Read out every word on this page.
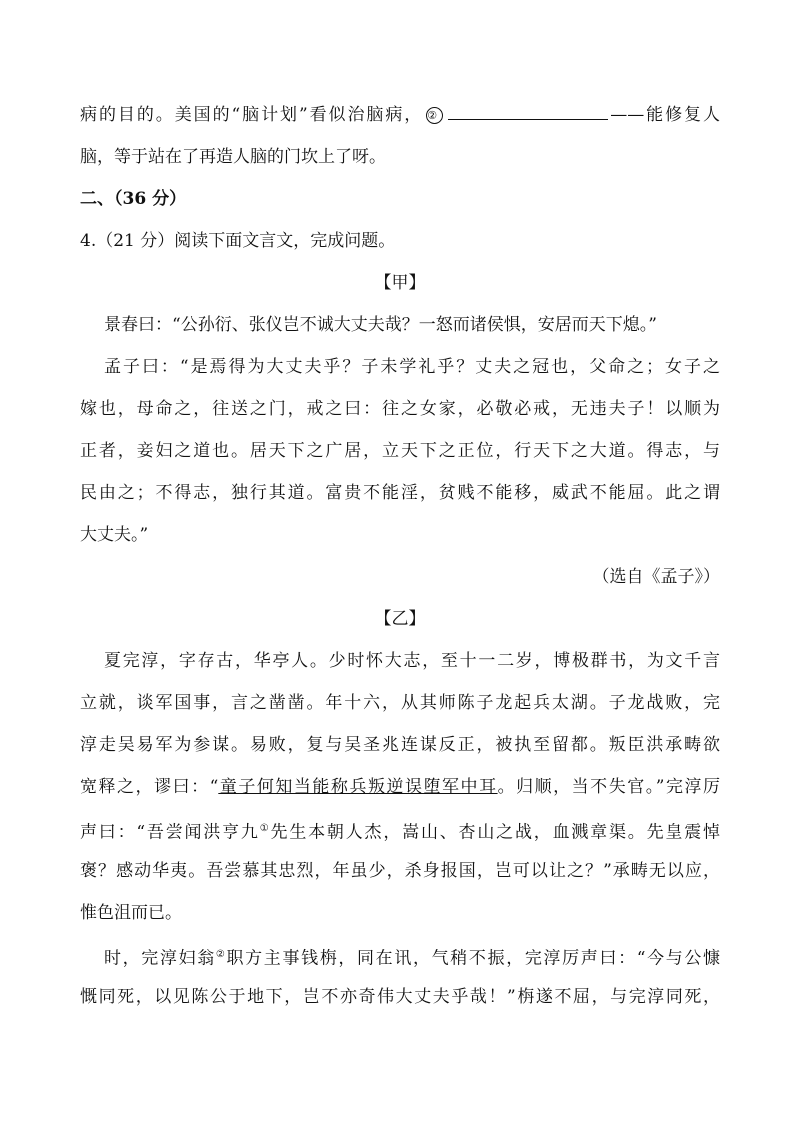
病的目的。美国的“脑计划”看似治脑病， ②	——能修复人
脑，等于站在了再造人脑的门坎上了呀。
二、（36 分）
4.（21 分）阅读下面文言文，完成问题。
【甲】
景春曰：“公孙衍、张仪岂不诚大丈夫哉？一怒而诸侯惧，安居而天下熄。”
孟子曰：“是焉得为大丈夫乎？子未学礼乎？丈夫之冠也，父命之；女子之
嫁也，母命之，往送之门，戒之曰：往之女家，必敬必戒，无违夫子！以顺为
正者，妾妇之道也。居天下之广居，立天下之正位，行天下之大道。得志，与
民由之；不得志，独行其道。富贵不能淫，贫贱不能移，威武不能屈。此之谓
大丈夫。”
（选自《孟子》）
【乙】
夏完淳，字存古，华亭人。少时怀大志，至十一二岁，博极群书，为文千言
立就，谈军国事，言之凿凿。年十六，从其师陈子龙起兵太湖。子龙战败，完
淳走吴易军为参谋。易败，复与吴圣兆连谋反正，被执至留都。叛臣洪承畴欲
宽释之，谬曰：“童子何知当能称兵叛逆误堕军中耳。归顺，当不失官。”完淳厉
声曰：“吾尝闻洪亨九①先生本朝人杰，嵩山、杏山之战，血溅章渠。先皇震悼
褒？感动华夷。吾尝慕其忠烈，年虽少，杀身报国，岂可以让之？”承畴无以应，
惟色沮而已。
时，完淳妇翁②职方主事钱栴，同在讯，气稍不振，完淳厉声曰：“今与公慷
慨同死，以见陈公于地下，岂不亦奇伟大丈夫乎哉！”栴遂不屈，与完淳同死，
